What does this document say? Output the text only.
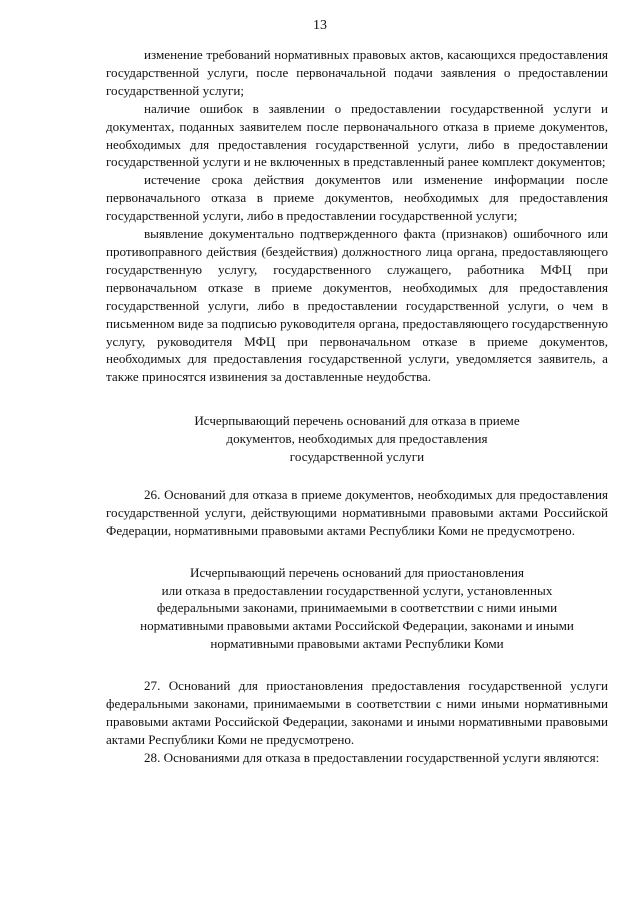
13

изменение требований нормативных правовых актов, касающихся предоставления государственной услуги, после первоначальной подачи заявления о предоставлении государственной услуги;

наличие ошибок в заявлении о предоставлении государственной услуги и документах, поданных заявителем после первоначального отказа в приеме документов, необходимых для предоставления государственной услуги, либо в предоставлении государственной услуги и не включенных в представленный ранее комплект документов;

истечение срока действия документов или изменение информации после первоначального отказа в приеме документов, необходимых для предоставления государственной услуги, либо в предоставлении государственной услуги;

выявление документально подтвержденного факта (признаков) ошибочного или противоправного действия (бездействия) должностного лица органа, предоставляющего государственную услугу, государственного служащего, работника МФЦ при первоначальном отказе в приеме документов, необходимых для предоставления государственной услуги, либо в предоставлении государственной услуги, о чем в письменном виде за подписью руководителя органа, предоставляющего государственную услугу, руководителя МФЦ при первоначальном отказе в приеме документов, необходимых для предоставления государственной услуги, уведомляется заявитель, а также приносятся извинения за доставленные неудобства.

Исчерпывающий перечень оснований для отказа в приеме
документов, необходимых для предоставления
государственной услуги

26. Оснований для отказа в приеме документов, необходимых для предоставления государственной услуги, действующими нормативными правовыми актами Российской Федерации, нормативными правовыми актами Республики Коми не предусмотрено.

Исчерпывающий перечень оснований для приостановления
или отказа в предоставлении государственной услуги, установленных
федеральными законами, принимаемыми в соответствии с ними иными
нормативными правовыми актами Российской Федерации, законами и иными
нормативными правовыми актами Республики Коми

27. Оснований для приостановления предоставления государственной услуги федеральными законами, принимаемыми в соответствии с ними иными нормативными правовыми актами Российской Федерации, законами и иными нормативными правовыми актами Республики Коми не предусмотрено.

28. Основаниями для отказа в предоставлении государственной услуги являются:
